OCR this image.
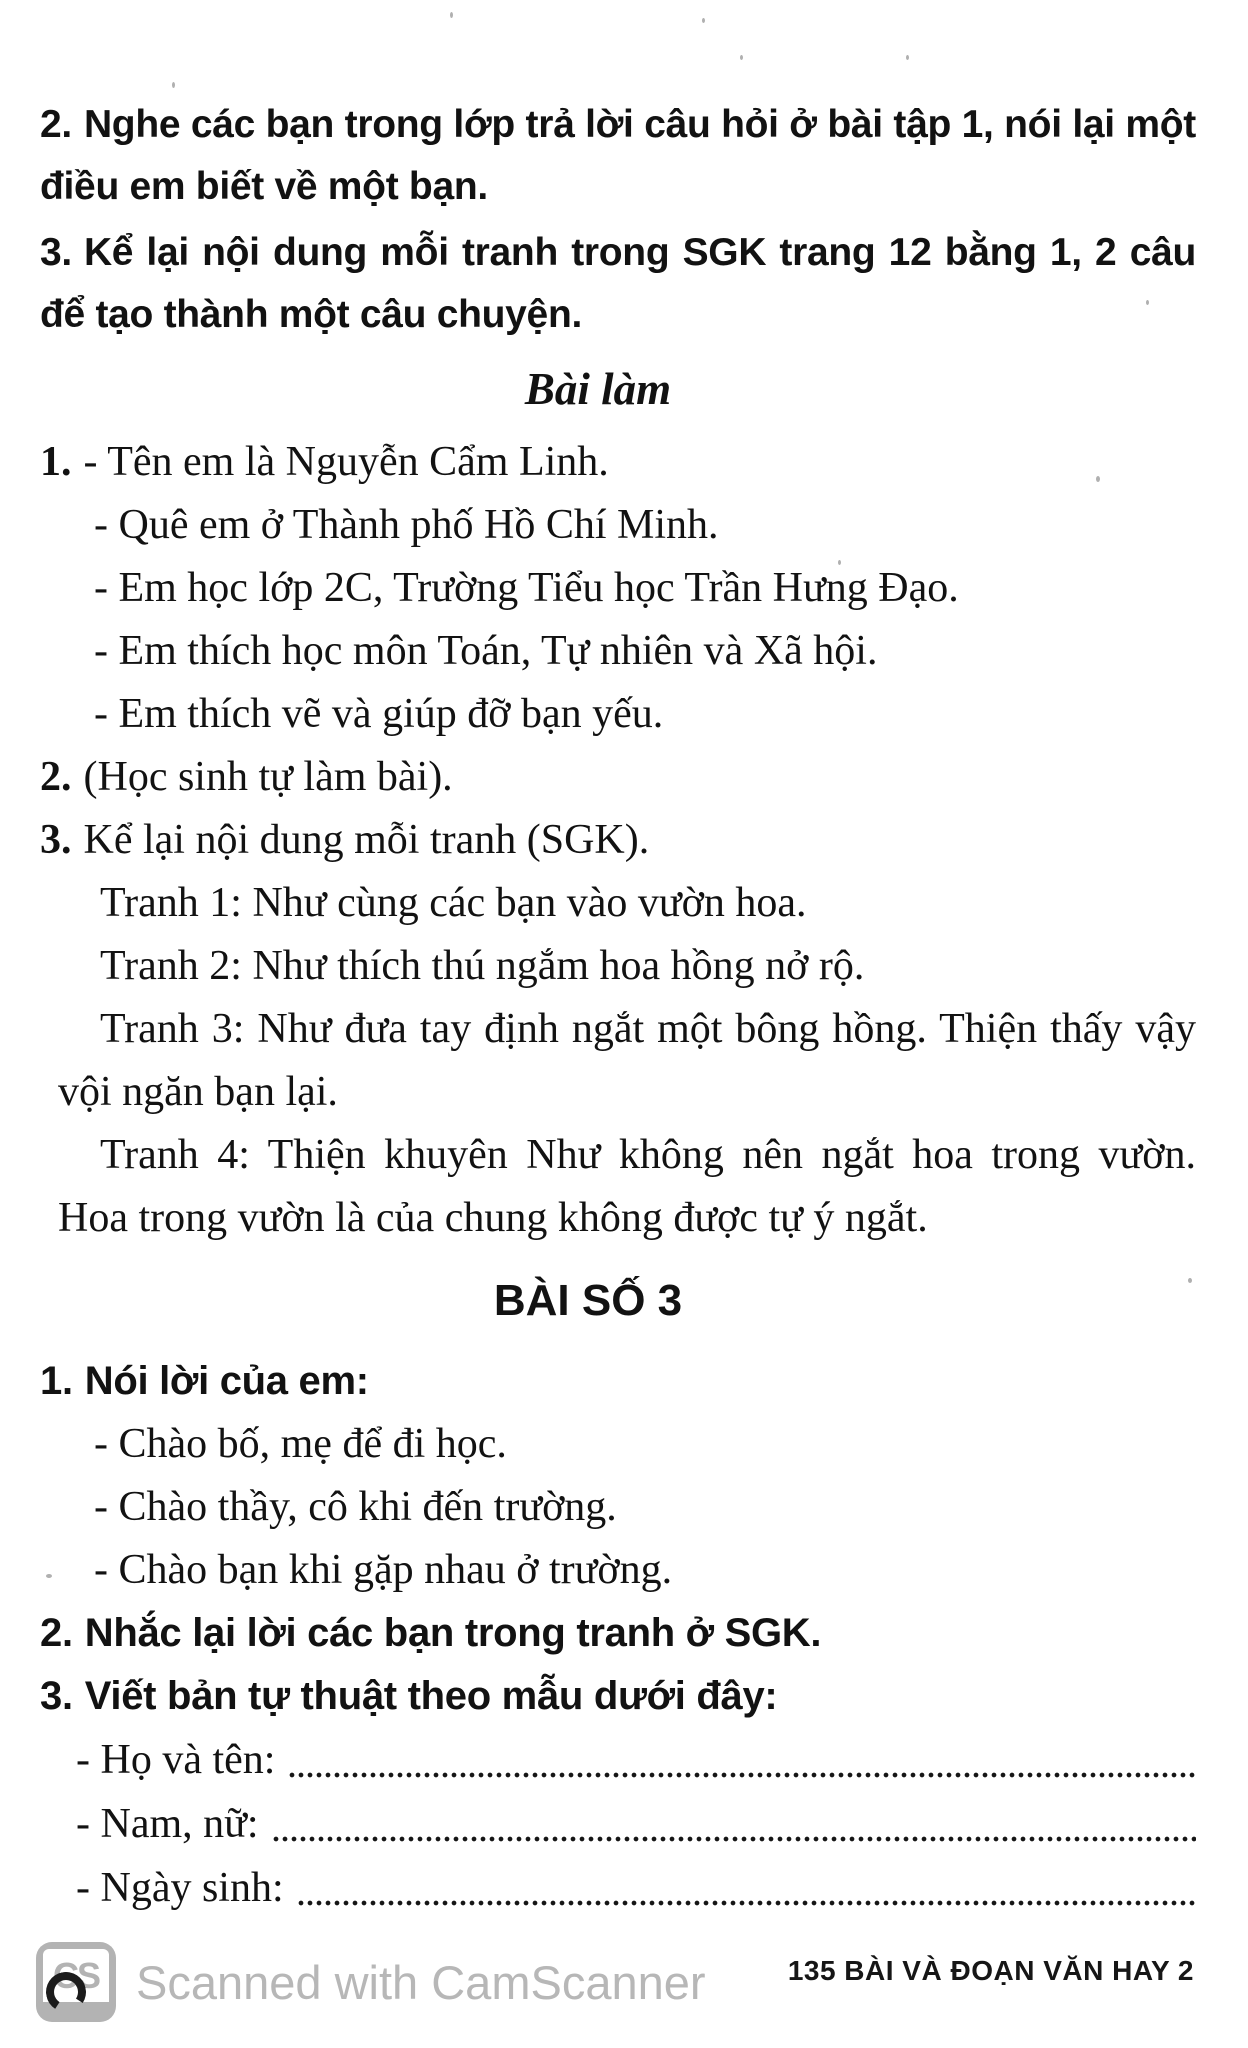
2. Nghe các bạn trong lớp trả lời câu hỏi ở bài tập 1, nói lại một điều em biết về một bạn.

3. Kể lại nội dung mỗi tranh trong SGK trang 12 bằng 1, 2 câu để tạo thành một câu chuyện.

Bài làm

1. - Tên em là Nguyễn Cẩm Linh.

- Quê em ở Thành phố Hồ Chí Minh.

- Em học lớp 2C, Trường Tiểu học Trần Hưng Đạo.

- Em thích học môn Toán, Tự nhiên và Xã hội.

- Em thích vẽ và giúp đỡ bạn yếu.

2. (Học sinh tự làm bài).

3. Kể lại nội dung mỗi tranh (SGK).

Tranh 1: Như cùng các bạn vào vườn hoa.

Tranh 2: Như thích thú ngắm hoa hồng nở rộ.

Tranh 3: Như đưa tay định ngắt một bông hồng. Thiện thấy vậy vội ngăn bạn lại.

Tranh 4: Thiện khuyên Như không nên ngắt hoa trong vườn. Hoa trong vườn là của chung không được tự ý ngắt.

BÀI SỐ 3

1. Nói lời của em:

- Chào bố, mẹ để đi học.

- Chào thầy, cô khi đến trường.

- Chào bạn khi gặp nhau ở trường.

2. Nhắc lại lời các bạn trong tranh ở SGK.

3. Viết bản tự thuật theo mẫu dưới đây:

- Họ và tên:
- Nam, nữ:
- Ngày sinh:
CS Scanned with CamScanner	135 BÀI VÀ ĐOẠN VĂN HAY 2
